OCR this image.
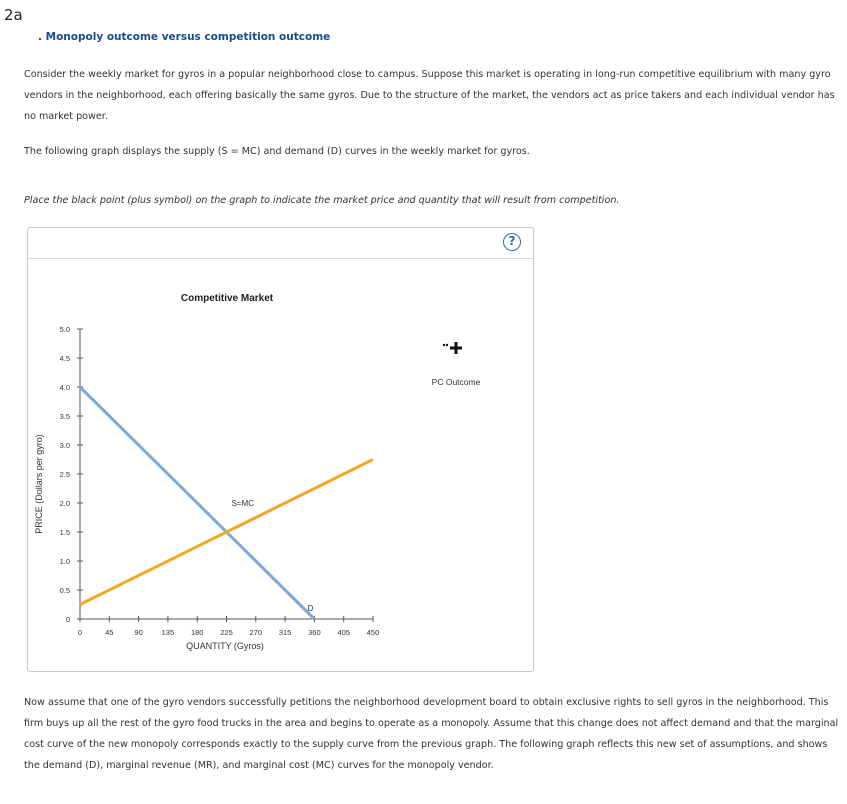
2a
. Monopoly outcome versus competition outcome
Consider the weekly market for gyros in a popular neighborhood close to campus. Suppose this market is operating in long-run competitive equilibrium with many gyro vendors in the neighborhood, each offering basically the same gyros. Due to the structure of the market, the vendors act as price takers and each individual vendor has no market power.
The following graph displays the supply (S = MC) and demand (D) curves in the weekly market for gyros.
Place the black point (plus symbol) on the graph to indicate the market price and quantity that will result from competition.
?
Competitive Market
0
0.5
1.0
1.5
2.0
2.5
3.0
3.5
4.0
4.5
5.0
0	45	90	135 180 225 270 315 360 405 450
QUANTITY (Gyros)
PRICE (Dollars per gyro)
D
S=MC
PC Outcome
Now assume that one of the gyro vendors successfully petitions the neighborhood development board to obtain exclusive rights to sell gyros in the neighborhood. This firm buys up all the rest of the gyro food trucks in the area and begins to operate as a monopoly. Assume that this change does not affect demand and that the marginal cost curve of the new monopoly corresponds exactly to the supply curve from the previous graph. The following graph reflects this new set of assumptions, and shows the demand (D), marginal revenue (MR), and marginal cost (MC) curves for the monopoly vendor.
